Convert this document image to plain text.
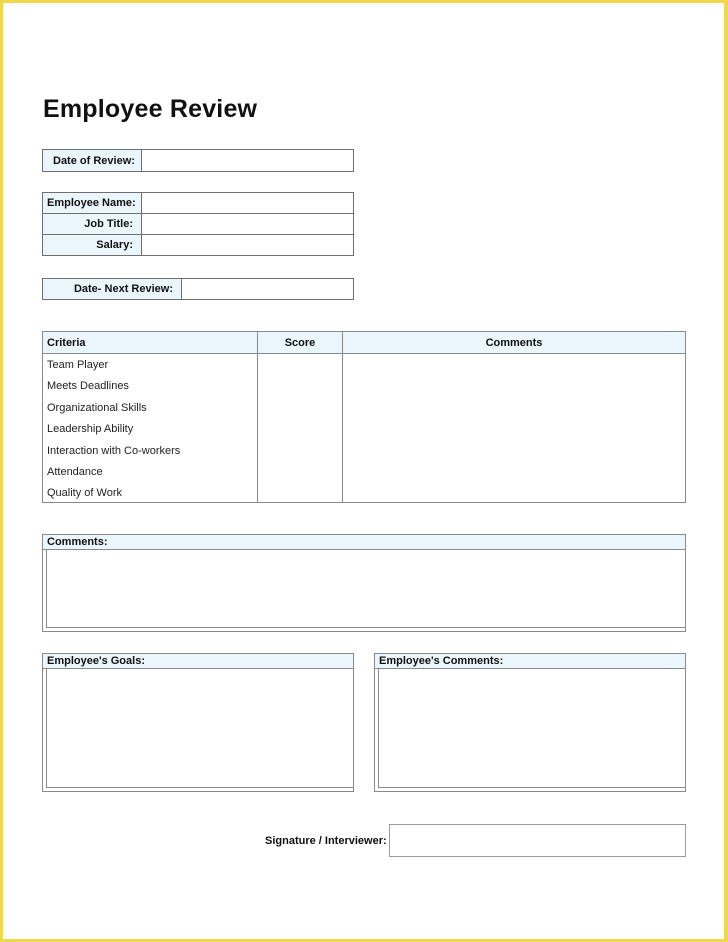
Employee Review
Date of Review:
Employee Name:
Job Title:
Salary:
Date- Next Review:
Criteria	Score	Comments
Team Player
Meets Deadlines
Organizational Skills
Leadership Ability
Interaction with Co-workers
Attendance
Quality of Work
Comments:
Employee's Goals:	Employee's Comments:
Signature / Interviewer:
